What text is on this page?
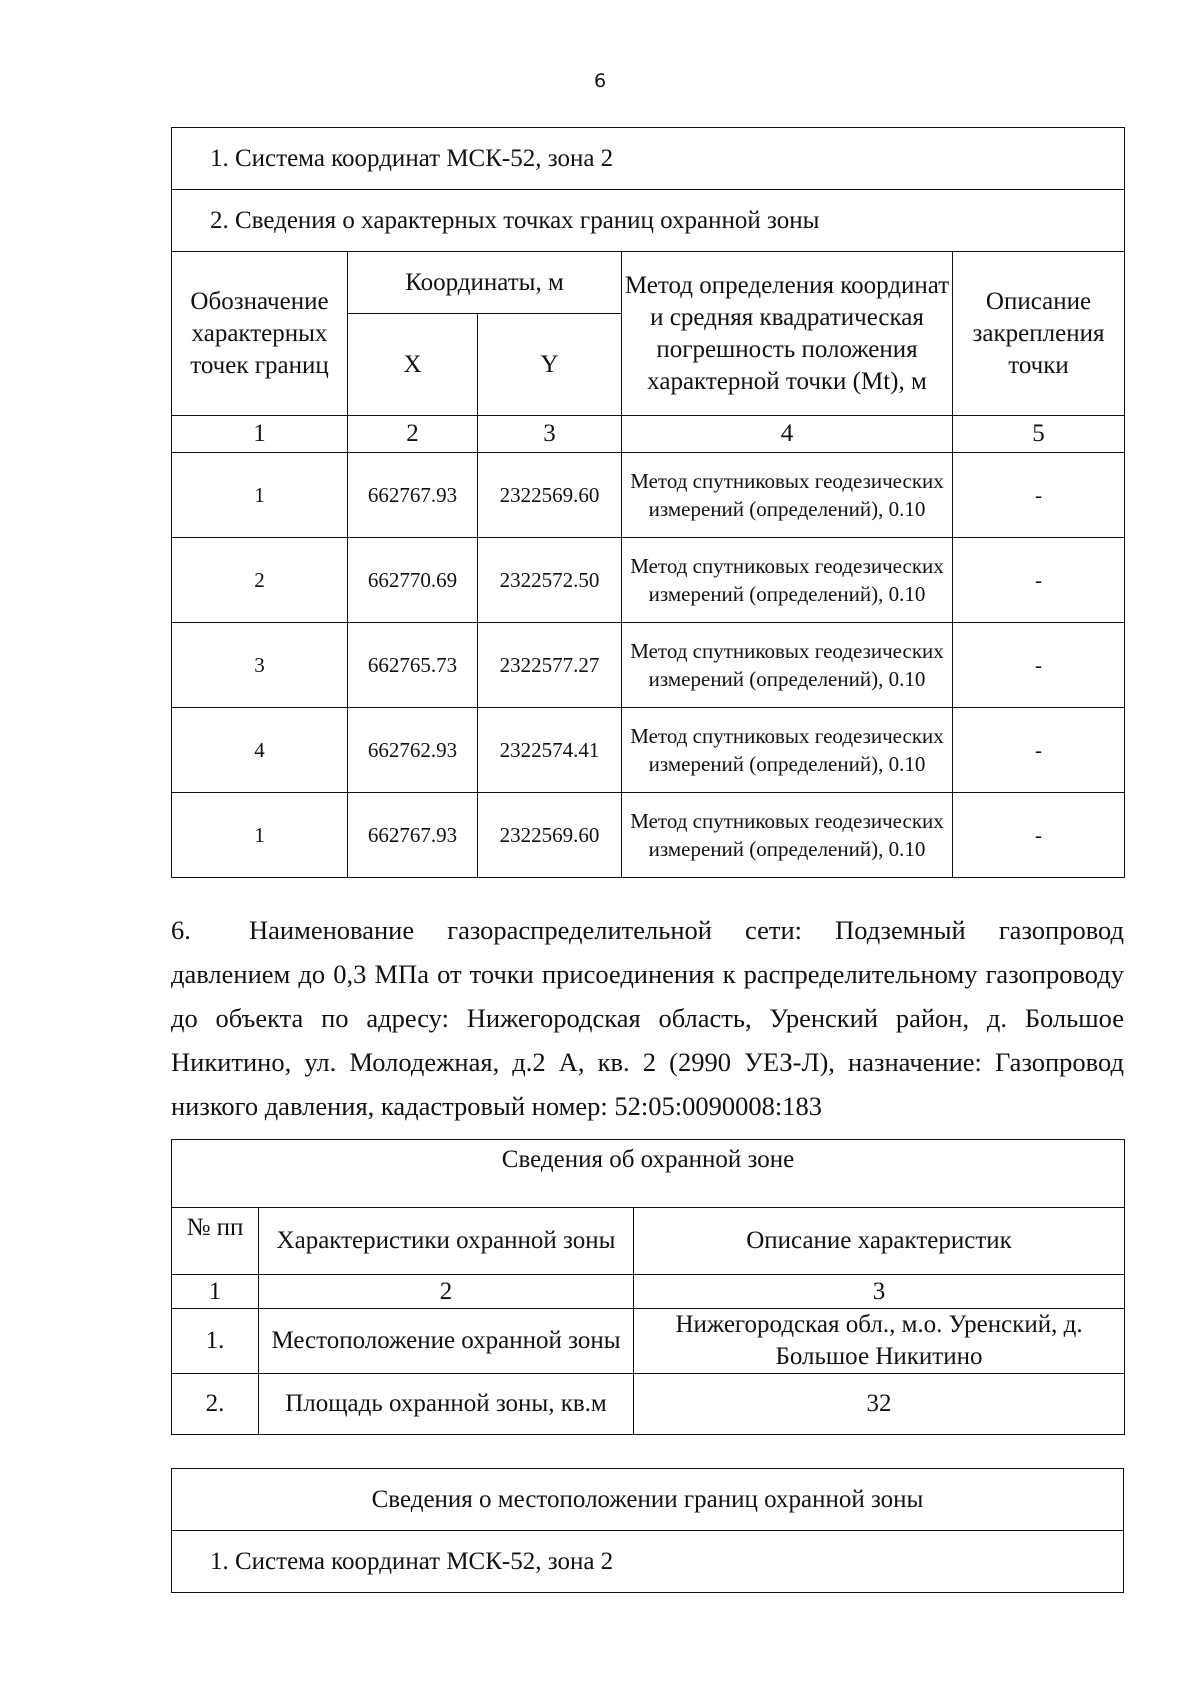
6
1. Система координат МСК-52, зона 2				
2. Сведения о характерных точках границ охранной зоны				
Обозначение характерных точек границ	Координаты, м		Метод определения координат и средняя квадратическая погрешность положения характерной точки (Mt), м	Описание закрепления точки
	X	Y		
1	2	3	4	5
1	662767.93	2322569.60	Метод спутниковых геодезических измерений (определений), 0.10	-
2	662770.69	2322572.50	Метод спутниковых геодезических измерений (определений), 0.10	-
3	662765.73	2322577.27	Метод спутниковых геодезических измерений (определений), 0.10	-
4	662762.93	2322574.41	Метод спутниковых геодезических измерений (определений), 0.10	-
1	662767.93	2322569.60	Метод спутниковых геодезических измерений (определений), 0.10	-
6. Наименование газораспределительной сети: Подземный газопровод давлением до 0,3 МПа от точки присоединения к распределительному газопроводу до объекта по адресу: Нижегородская область, Уренский район, д. Большое Никитино, ул. Молодежная, д.2 А, кв. 2 (2990 УЕЗ-Л), назначение: Газопровод низкого давления, кадастровый номер: 52:05:0090008:183
Сведения об охранной зоне		
№ пп	Характеристики охранной зоны	Описание характеристик
1	2	3
1.	Местоположение охранной зоны	Нижегородская обл., м.о. Уренский, д. Большое Никитино
2.	Площадь охранной зоны, кв.м	32
Сведения о местоположении границ охранной зоны
1. Система координат МСК-52, зона 2
